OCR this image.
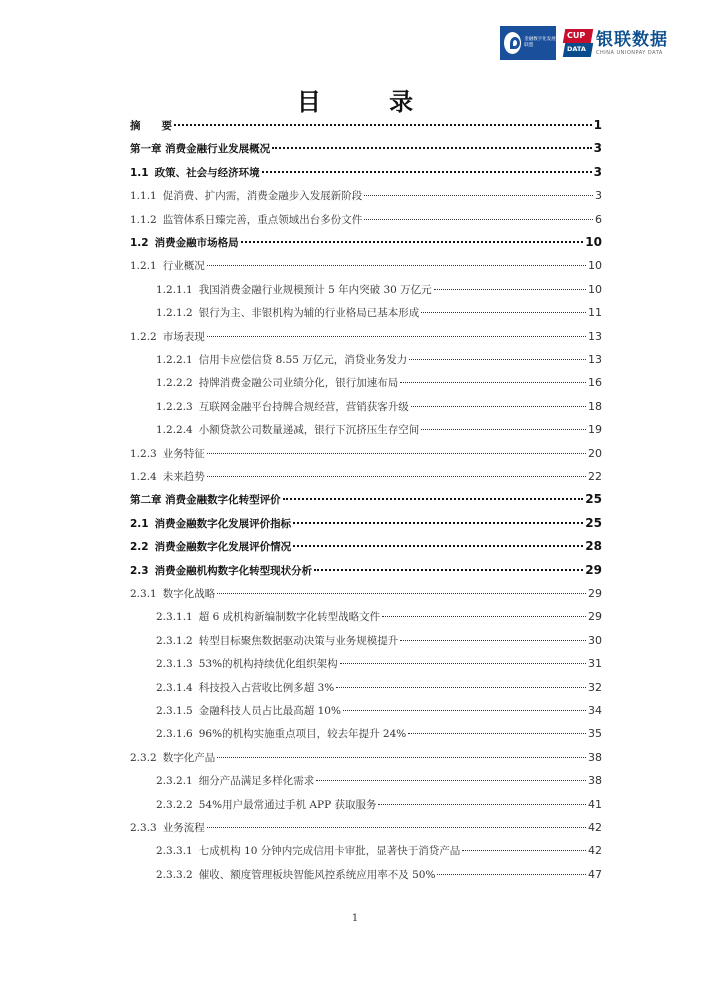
金融数字化发展联盟
CUP
DATA 银联数据
CHINA UNIONPAY DATA
目 录
摘　　要	1
第一章 消费金融行业发展概况	3
1.1 政策、社会与经济环境	3
1.1.1 促消费、扩内需，消费金融步入发展新阶段	3
1.1.2 监管体系日臻完善，重点领域出台多份文件	6
1.2 消费金融市场格局	10
1.2.1 行业概况	10
1.2.1.1 我国消费金融行业规模预计 5 年内突破 30 万亿元	10
1.2.1.2 银行为主、非银机构为辅的行业格局已基本形成	11
1.2.2 市场表现	13
1.2.2.1 信用卡应偿信贷 8.55 万亿元，消贷业务发力	13
1.2.2.2 持牌消费金融公司业绩分化，银行加速布局	16
1.2.2.3 互联网金融平台持牌合规经营，营销获客升级	18
1.2.2.4 小额贷款公司数量递减，银行下沉挤压生存空间	19
1.2.3 业务特征	20
1.2.4 未来趋势	22
第二章 消费金融数字化转型评价	25
2.1 消费金融数字化发展评价指标	25
2.2 消费金融数字化发展评价情况	28
2.3 消费金融机构数字化转型现状分析	29
2.3.1 数字化战略	29
2.3.1.1 超 6 成机构新编制数字化转型战略文件	29
2.3.1.2 转型目标聚焦数据驱动决策与业务规模提升	30
2.3.1.3 53%的机构持续优化组织架构	31
2.3.1.4 科技投入占营收比例多超 3%	32
2.3.1.5 金融科技人员占比最高超 10%	34
2.3.1.6 96%的机构实施重点项目，较去年提升 24%	35
2.3.2 数字化产品	38
2.3.2.1 细分产品满足多样化需求	38
2.3.2.2 54%用户最常通过手机 APP 获取服务	41
2.3.3 业务流程	42
2.3.3.1 七成机构 10 分钟内完成信用卡审批，显著快于消贷产品	42
2.3.3.2 催收、额度管理板块智能风控系统应用率不及 50%	47
1
